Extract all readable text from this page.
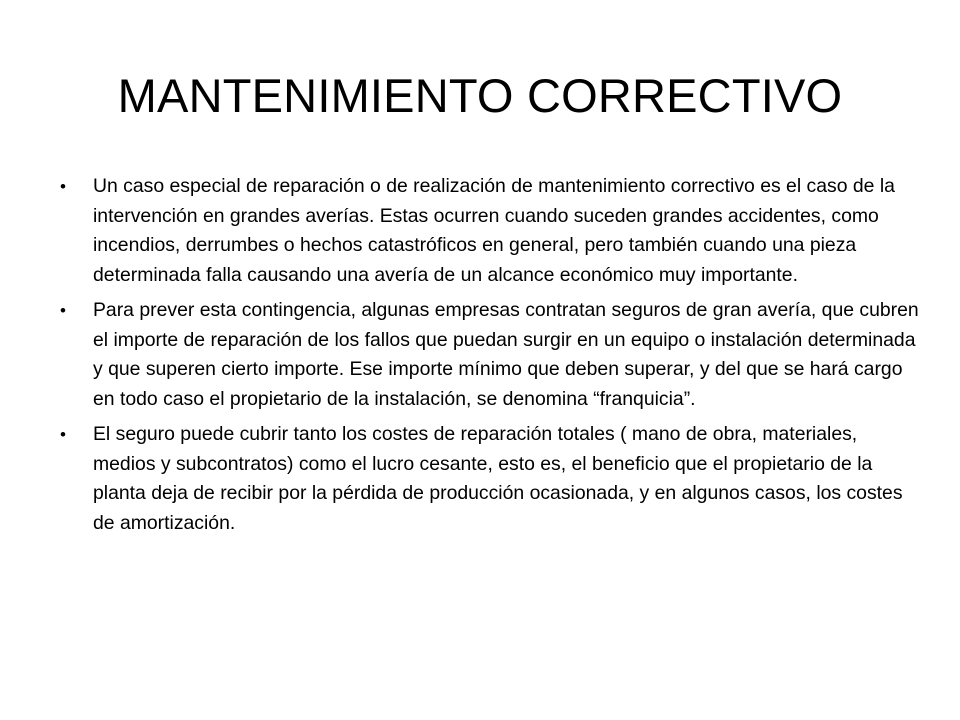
MANTENIMIENTO CORRECTIVO
• Un caso especial de reparación o de realización de mantenimiento correctivo es el caso de la intervención en grandes averías. Estas ocurren cuando suceden grandes accidentes, como incendios, derrumbes o hechos catastróficos en general, pero también cuando una pieza determinada falla causando una avería de un alcance económico muy importante.
• Para prever esta contingencia, algunas empresas contratan seguros de gran avería, que cubren el importe de reparación de los fallos que puedan surgir en un equipo o instalación determinada y que superen cierto importe. Ese importe mínimo que deben superar, y del que se hará cargo en todo caso el propietario de la instalación, se denomina “franquicia”.
• El seguro puede cubrir tanto los costes de reparación totales ( mano de obra, materiales, medios y subcontratos) como el lucro cesante, esto es, el beneficio que el propietario de la planta deja de recibir por la pérdida de producción ocasionada, y en algunos casos, los costes de amortización.
